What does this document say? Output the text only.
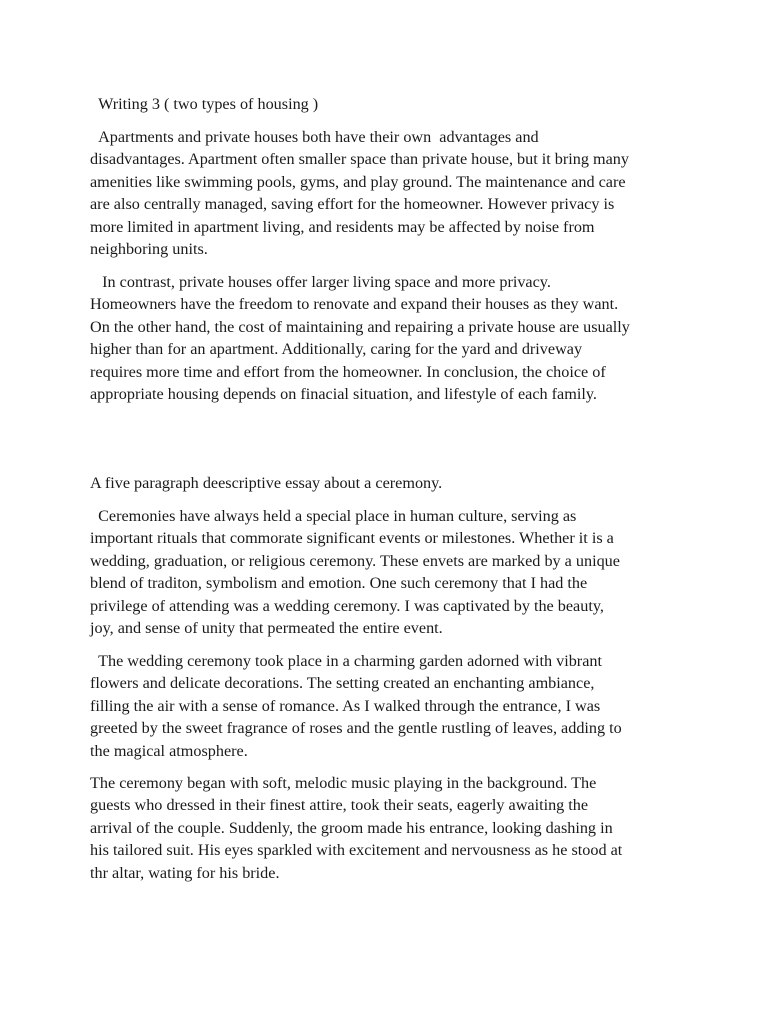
Writing 3 ( two types of housing )

Apartments and private houses both have their own  advantages and
disadvantages. Apartment often smaller space than private house, but it bring many
amenities like swimming pools, gyms, and play ground. The maintenance and care
are also centrally managed, saving effort for the homeowner. However privacy is
more limited in apartment living, and residents may be affected by noise from
neighboring units.

In contrast, private houses offer larger living space and more privacy.
Homeowners have the freedom to renovate and expand their houses as they want.
On the other hand, the cost of maintaining and repairing a private house are usually
higher than for an apartment. Additionally, caring for the yard and driveway
requires more time and effort from the homeowner. In conclusion, the choice of
appropriate housing depends on finacial situation, and lifestyle of each family.

A five paragraph deescriptive essay about a ceremony.

Ceremonies have always held a special place in human culture, serving as
important rituals that commorate significant events or milestones. Whether it is a
wedding, graduation, or religious ceremony. These envets are marked by a unique
blend of traditon, symbolism and emotion. One such ceremony that I had the
privilege of attending was a wedding ceremony. I was captivated by the beauty,
joy, and sense of unity that permeated the entire event.

The wedding ceremony took place in a charming garden adorned with vibrant
flowers and delicate decorations. The setting created an enchanting ambiance,
filling the air with a sense of romance. As I walked through the entrance, I was
greeted by the sweet fragrance of roses and the gentle rustling of leaves, adding to
the magical atmosphere.

The ceremony began with soft, melodic music playing in the background. The
guests who dressed in their finest attire, took their seats, eagerly awaiting the
arrival of the couple. Suddenly, the groom made his entrance, looking dashing in
his tailored suit. His eyes sparkled with excitement and nervousness as he stood at
thr altar, wating for his bride.
